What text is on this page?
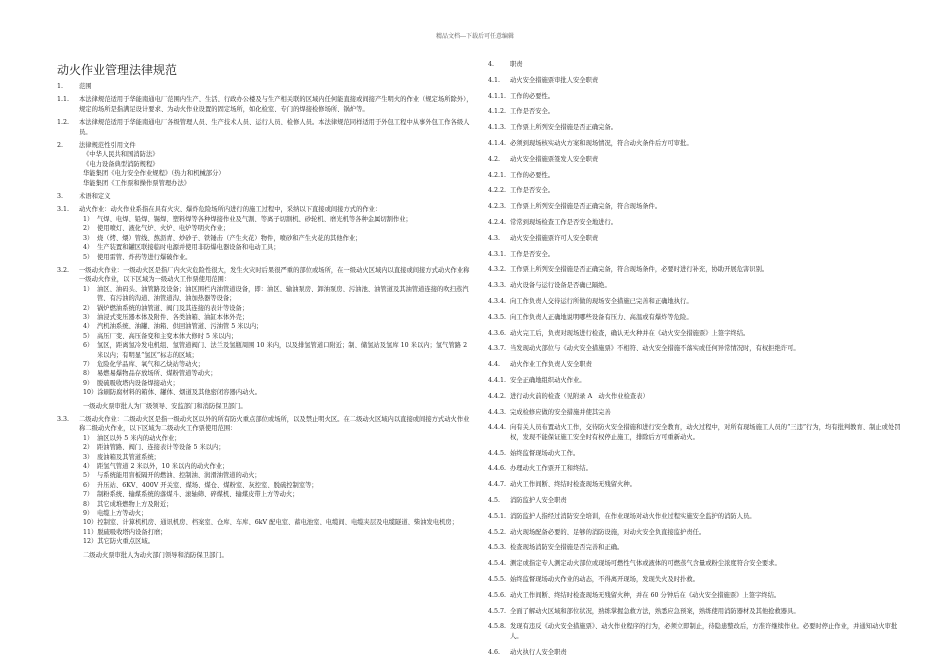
精品文档---下载后可任意编辑
动火作业管理法律规范
1.	范围
1.1.	本法律规范适用于华能南通电厂范围内生产、生活、行政办公楼及与生产相关联的区域内任何能直接或间接产生明火的作业（规定场所除外），规定的场所是指满足设计要求、为动火作业设置的固定场所，如化检室、专门的焊接检修场所、锅炉等。
1.2.	本法律规范适用于华能南通电厂各级管理人员、生产技术人员、运行人员、检修人员。本法律规范同样适用于外包工程中从事外包工作各级人员。
2.	法律规范性引用文件
《中华人民共和国消防法》
《电力设备典型消防规程》
华能集团《电力安全作业规程》（热力和机械部分）
华能集团《工作票和操作票管理办法》
3.	术语和定义
3.1.	动火作业：动火作业系指在具有火灾、爆炸危险场所内进行的施工过程中，采纳以下直接或间接方式的作业：
1） 气焊、电焊、铅焊、锡焊、塑料焊等各种焊接作业及气割、等离子切割机、砂轮机、磨光机等各种金属切割作业；
2） 使用喷灯、液化气炉、火炉、电炉等明火作业；
3） 烧（烤、煨）管线、熬沥青、炒砂子、铁锤击（产生火花）物件，喷砂和产生火花的其他作业；
4） 生产装置和罐区联接临时电源并使用非防爆电器设备和电动工具；
5） 使用雷管、炸药等进行爆破作业。
3.2.	一级动火作业：一级动火区是指厂内火灾危险性很大，发生火灾时后果很严重的部位或场所，在一级动火区域内以直接或间接方式动火作业称一级动火作业，以下区域为一级动火工作票使用范围：
1） 油区、油码头、油管路及设备；油区围栏内油管道设备，即：油区、输油泵房、卸油泵房、污油池、油管道及其油管道连接的吹扫蒸汽管、有污油的沟道、油管道沟、油加热器等设备；
2） 锅炉燃油系统的油管道、阀门及其连接的表计等设备；
3） 油浸式变压器本体及附件、各类油箱、油缸本体外壳；
4） 汽机油系统、油罐、油箱、供回油管道、污油管 5 米以内；
5） 高压厂变、高压备变和主变本体大修时 5 米以内；
6） 氢区，距离氢冷发电机组、氢管道阀门、法兰及氢瓶周围 10 米内，以及排氢管道口附近；制、储氢站及氢库 10 米以内；氢气管路 2 米以内；有明显“氢区”标志的区域；
7） 危险化学品库、氧气和乙炔站等动火；
8） 易燃易爆物品存放场所、煤粉管道等动火；
9） 脱硫吸收塔内设备焊接动火；
10） 涂刷防腐材料的箱体、罐体、烟道及其他密闭容器内动火。
一级动火票审批人为厂级领导、安监部门和消防保卫部门。
3.3.	二级动火作业：二级动火区是指一级动火区以外的所有防火重点部位或场所，以及禁止明火区。在二级动火区域内以直接或间接方式动火作业称二级动火作业，以下区域为二级动火工作票使用范围：
1） 油区以外 5 米内的动火作业；
2） 距油管路、阀门、连接表计等设备 5 米以内；
3） 废油箱及其管道系统；
4） 距氢气管道 2 米以外，10 米以内的动火作业；
5） 与系统能用盲板隔开的燃油、控制油、润滑油管道的动火；
6） 升压站、6KV、400V 开关室、煤场、煤仓、煤粉室、灰控室、脱硫控制室等；
7） 制粉系统、输煤系统的落煤斗、滚轴筛、碎煤机、输煤皮带上方等动火；
8） 其它成堆燃物上方及附近；
9） 电缆上方等动火；
10） 控制室、计算机机房、通讯机房、档案室、仓库、车库、6kV 配电室、蓄电池室、电缆间、电缆夹层及电缆隧道、柴油发电机房；
11） 脱硫吸收塔内设备打磨；
12） 其它防火重点区域。
二级动火票审批人为动火部门领导和消防保卫部门。
4.	职责
4.1.	动火安全措施票审批人安全职责
4.1.1. 工作的必要性。
4.1.2. 工作是否安全。
4.1.3. 工作票上所列安全措施是否正确完备。
4.1.4. 必须到现场核实动火方案和现场情况，符合动火条件后方可审批。
4.2.	动火安全措施票签发人安全职责
4.2.1. 工作的必要性。
4.2.2. 工作是否安全。
4.2.3. 工作票上所列安全措施是否正确完备，符合现场条件。
4.2.4. 常常到现场检查工作是否安全地进行。
4.3.	动火安全措施票许可人安全职责
4.3.1. 工作是否安全。
4.3.2. 工作票上所列安全措施是否正确完备，符合现场条件，必要时进行补充，协助开展危害识别。
4.3.3. 动火设备与运行设备是否确已隔绝。
4.3.4. 向工作负责人交待运行所做的现场安全措施已完善和正确地执行。
4.3.5. 向工作负责人正确地说明哪些设备有压力、高温或有爆炸等危险。
4.3.6. 动火完工后，负责对现场进行检查，确认无火种并在《动火安全措施票》上签字终结。
4.3.7. 当发现动火部位与《动火安全措施票》不相符、动火安全措施不落实或任何异常情况时，有权拒绝许可。
4.4.	动火作业工作负责人安全职责
4.4.1. 安全正确地组织动火作业。
4.4.2. 进行动火前的检查（见附录 A　动火作业检查表）
4.4.3. 完成检修应做的安全措施并使其完善
4.4.4. 向有关人员布置动火工作，交待防火安全措施和进行安全教育，动火过程中，对所有现场施工人员的“三违”行为，均有批判教育、制止或处罚权，发现不能保证施工安全时有权停止施工，排除后方可重新动火。
4.4.5. 始终监督现场动火工作。
4.4.6. 办理动火工作票开工和终结。
4.4.7. 动火工作间断、终结时检查现场无残留火种。
4.5.	消防监护人安全职责
4.5.1. 消防监护人指经过消防安全培训，在作业现场对动火作业过程实施安全监护的消防人员。
4.5.2. 动火现场配备必要的、足够的消防设施，对动火安全负直接监护责任。
4.5.3. 检查现场消防安全措施是否完善和正确。
4.5.4. 测定或指定专人测定动火部位或现场可燃性气体或液体的可燃蒸气含量或粉尘浓度符合安全要求。
4.5.5. 始终监督现场动火作业的动态，不得离开现场，发现失火及时扑救。
4.5.6. 动火工作间断、终结时检查现场无残留火种，并在 60 分钟后在《动火安全措施票》上签字终结。
4.5.7. 全面了解动火区域和部位状况，熟练掌握急救方法，熟悉应急预案，熟练使用消防器材及其他抢救器具。
4.5.8. 发现有违反《动火安全措施票》、动火作业程序的行为，必须立即制止，待隐患整改后，方准许继续作业。必要时停止作业，并通知动火审批人。
4.6.	动火执行人安全职责
